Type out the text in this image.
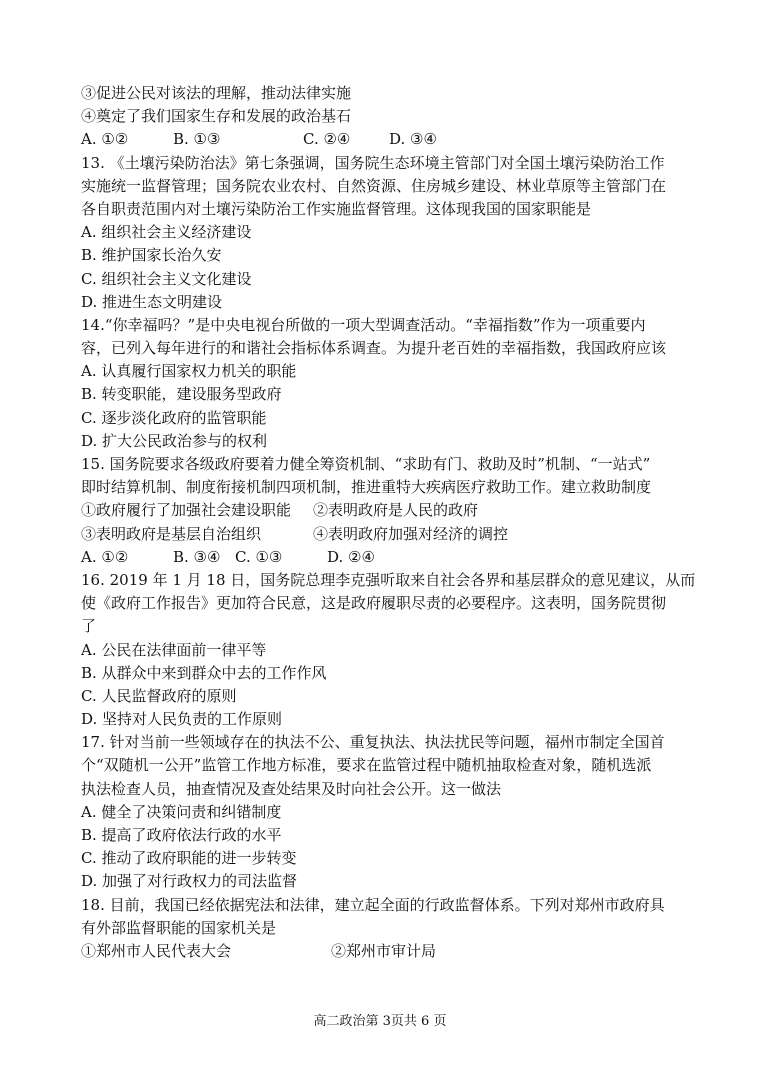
③促进公民对该法的理解，推动法律实施
④奠定了我们国家生存和发展的政治基石
A. ①②	B. ①③	C. ②④	D. ③④
13. 《土壤污染防治法》第七条强调，国务院生态环境主管部门对全国土壤污染防治工作
实施统一监督管理；国务院农业农村、自然资源、住房城乡建设、林业草原等主管部门在
各自职责范围内对土壤污染防治工作实施监督管理。这体现我国的国家职能是
A. 组织社会主义经济建设
B. 维护国家长治久安
C. 组织社会主义文化建设
D. 推进生态文明建设
14.“你幸福吗？”是中央电视台所做的一项大型调查活动。“幸福指数”作为一项重要内
容，已列入每年进行的和谐社会指标体系调查。为提升老百姓的幸福指数，我国政府应该
A. 认真履行国家权力机关的职能
B. 转变职能，建设服务型政府
C. 逐步淡化政府的监管职能
D. 扩大公民政治参与的权利
15. 国务院要求各级政府要着力健全筹资机制、“求助有门、救助及时”机制、“一站式”
即时结算机制、制度衔接机制四项机制，推进重特大疾病医疗救助工作。建立救助制度
①政府履行了加强社会建设职能	②表明政府是人民的政府
③表明政府是基层自治组织	④表明政府加强对经济的调控
A. ①②	B. ③④ C. ①③	D. ②④
16. 2019 年 1 月 18 日，国务院总理李克强听取来自社会各界和基层群众的意见建议，从而
使《政府工作报告》更加符合民意，这是政府履职尽责的必要程序。这表明，国务院贯彻
了
A. 公民在法律面前一律平等
B. 从群众中来到群众中去的工作作风
C. 人民监督政府的原则
D. 坚持对人民负责的工作原则
17. 针对当前一些领域存在的执法不公、重复执法、执法扰民等问题，福州市制定全国首
个“双随机一公开”监管工作地方标准，要求在监管过程中随机抽取检查对象，随机选派
执法检查人员，抽查情况及查处结果及时向社会公开。这一做法
A. 健全了决策问责和纠错制度
B. 提高了政府依法行政的水平
C. 推动了政府职能的进一步转变
D. 加强了对行政权力的司法监督
18. 目前，我国已经依据宪法和法律，建立起全面的行政监督体系。下列对郑州市政府具
有外部监督职能的国家机关是
①郑州市人民代表大会	②郑州市审计局
高二政治第 3页共 6 页
